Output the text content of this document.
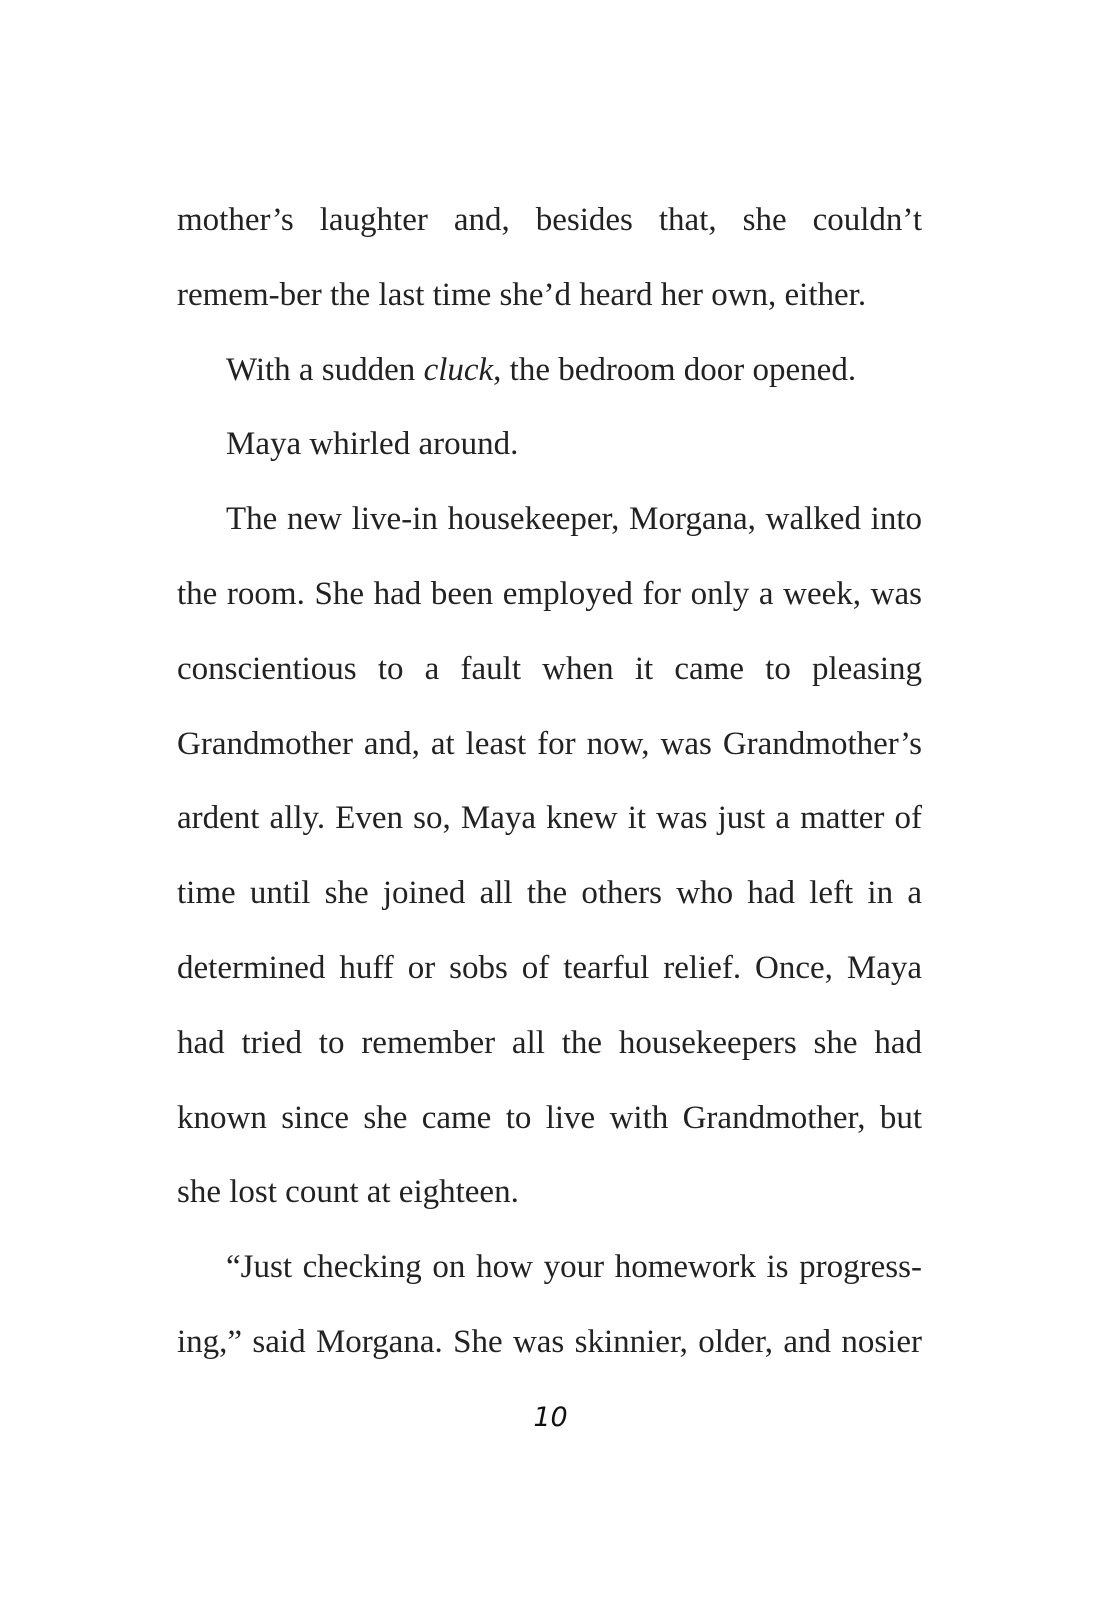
mother’s laughter and, besides that, she couldn’t remem-ber the last time she’d heard her own, either.

With a sudden cluck, the bedroom door opened.

Maya whirled around.

The new live-in housekeeper, Morgana, walked into the room. She had been employed for only a week, was conscientious to a fault when it came to pleasing Grandmother and, at least for now, was Grandmother’s ardent ally. Even so, Maya knew it was just a matter of time until she joined all the others who had left in a determined huff or sobs of tearful relief. Once, Maya had tried to remember all the housekeepers she had known since she came to live with Grandmother, but she lost count at eighteen.

“Just checking on how your homework is progress-ing,” said Morgana. She was skinnier, older, and nosier

10
